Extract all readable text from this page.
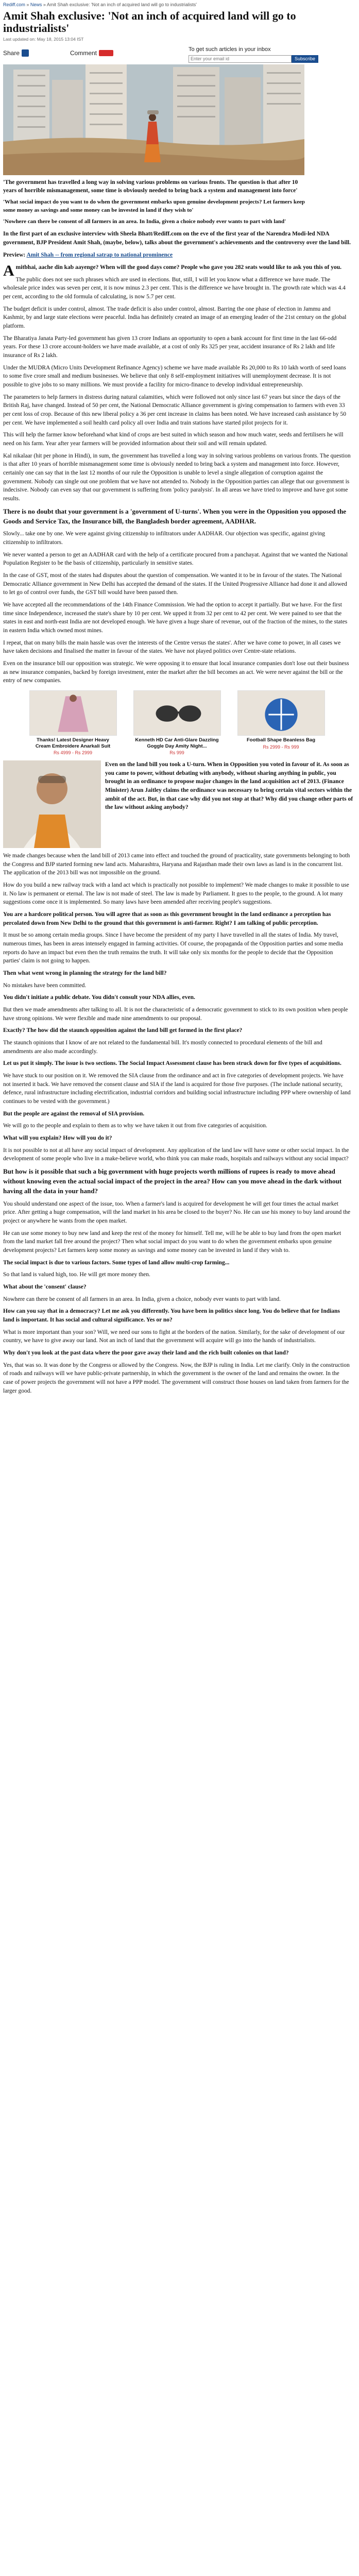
Rediff.com » News » Amit Shah exclusive: 'Not an inch of acquired land will go to industrialists'
Amit Shah exclusive: 'Not an inch of acquired land will go to industrialists'
Last updated on: May 18, 2015 13:04 IST
Share	Comment	To get such articles in your inbox
Enter your email id
Subscribe
'The government has travelled a long way in solving various problems on various fronts. The question is that after 10 years of horrible mismanagement, some time is obviously needed to bring back a system and management into force'
'What social impact do you want to do when the government embarks upon genuine development projects? Let farmers keep some money as savings and some money can be invested in land if they wish to'
'Nowhere can there be consent of all farmers in an area. In India, given a choice nobody ever wants to part with land'

In the first part of an exclusive interview with Sheela Bhatt/Rediff.com on the eve of the first year of the Narendra Modi-led NDA government, BJP President Amit Shah, (maybe, below), talks about the government's achievements and the controversy over the land bill.

Preview: Amit Shah -- from regional satrap to national prominence

Amitbhai, aache din kab aayenge? When will the good days come? People who gave you 282 seats would like to ask you this of you.

The public does not see such phrases which are used in elections. But, still, I will let you know what a difference we have made. The wholesale price index was seven per cent, it is now minus 2.3 per cent. This is the difference we have brought in. The growth rate which was 4.4 per cent, according to the old formula of calculating, is now 5.7 per cent.

The budget deficit is under control, almost. The trade deficit is also under control, almost. Barring the one phase of election in Jammu and Kashmir, by and large state elections were peaceful. India has definitely created an image of an emerging leader of the 21st century on the global platform.

The Bharatiya Janata Party-led government has given 13 crore Indians an opportunity to open a bank account for first time in the last 66-odd years. For these 13 crore account-holders we have made available, at a cost of only Rs 325 per year, accident insurance of Rs 2 lakh and life insurance of Rs 2 lakh.

Under the MUDRA (Micro Units Development Refinance Agency) scheme we have made available Rs 20,000 to Rs 10 lakh worth of seed loans to some five crore small and medium businesses. We believe that only 8 self-employment initiatives will unemployment decrease. It is not possible to give jobs to so many millions. We must provide a facility for micro-finance to develop individual entrepreneurship.

The parameters to help farmers in distress during natural calamities, which were followed not only since last 67 years but since the days of the British Raj, have changed. Instead of 50 per cent, the National Democratic Alliance government is giving compensation to farmers with even 33 per cent loss of crop. Because of this new liberal policy a 36 per cent increase in claims has been noted. We have increased cash assistance by 50 per cent. We have implemented a soil health card policy all over India and train stations have started pilot projects for it.

This will help the farmer know beforehand what kind of crops are best suited in which season and how much water, seeds and fertilisers he will need on his farm. Year after year farmers will be provided information about their soil and will remain updated.

Kal nikalaar (hit per phone in Hindi), in sum, the government has travelled a long way in solving various problems on various fronts. The question is that after 10 years of horrible mismanagement some time is obviously needed to bring back a system and management into force. However, certainly one can say that in the last 12 months of our rule the Opposition is unable to level a single allegation of corruption against the government. Nobody can single out one problem that we have not attended to. Nobody in the Opposition parties can allege that our government is indecisive. Nobody can even say that our government is suffering from 'policy paralysis'. In all areas we have tried to improve and have got some results.

There is no doubt that your government is a 'government of U-turns'. When you were in the Opposition you opposed the Goods and Service Tax, the Insurance bill, the Bangladesh border agreement, AADHAR.

Slowly... take one by one. We were against giving citizenship to infiltrators under AADHAR. Our objection was specific, against giving citizenship to infiltrators.

We never wanted a person to get an AADHAR card with the help of a certificate procured from a panchayat. Against that we wanted the National Population Register to be the basis of citizenship, particularly in sensitive states.

In the case of GST, most of the states had disputes about the question of compensation. We wanted it to be in favour of the states. The National Democratic Alliance government in New Delhi has accepted the demand of the states. If the United Progressive Alliance had done it and allowed to let go of control over funds, the GST bill would have been passed then.

We have accepted all the recommendations of the 14th Finance Commission. We had the option to accept it partially. But we have. For the first time since Independence, increased the state's share by 10 per cent. We upped it from 32 per cent to 42 per cent. We were pained to see that the states in east and north-east India are not developed enough. We have given a huge share of revenue, out of the fraction of the mines, to the states in eastern India which owned most mines.

I repeat, that on many bills the main hassle was over the interests of the Centre versus the states'. After we have come to power, in all cases we have taken decisions and finalised the matter in favour of the states. We have not played politics over Centre-state relations.

Even on the insurance bill our opposition was strategic. We were opposing it to ensure that local insurance companies don't lose out their business as new insurance companies, backed by foreign investment, enter the market after the bill becomes an act. We were never against the bill or the entry of new companies.

Thanks! Latest Designer Heavy Cream Embroidere Anarkali Suit
Rs 4999 - Rs 2999
Kenneth HD Car Anti-Glare Dazzling Goggle Day Amity Night...
Rs 999
Football Shape Beanless Bag
Rs 2999 - Rs 999
Even on the land bill you took a U-turn. When in Opposition you voted in favour of it. As soon as you came to power, without debating with anybody, without sharing anything in public, you brought in an ordinance to propose major changes in the land acquisition act of 2013. (Finance Minister) Arun Jaitley claims the ordinance was necessary to bring certain vital sectors within the ambit of the act. But, in that case why did you not stop at that? Why did you change other parts of the law without asking anybody?

We made changes because when the land bill of 2013 came into effect and touched the ground of practicality, state governments belonging to both the Congress and BJP started forming new land acts. Maharashtra, Haryana and Rajasthan made their own laws as land is in the concurrent list. The application of the 2013 bill was not impossible on the ground.

How do you build a new railway track with a land act which is practically not possible to implement? We made changes to make it possible to use it. No law is permanent or eternal. The law is not made of steel. The law is made by Parliament. It goes to the people, to the ground. A lot many suggestions come once it is implemented. So many laws have been amended after receiving people's suggestions.

You are a hardcore political person. You will agree that as soon as this government brought in the land ordinance a perception has percolated down from New Delhi to the ground that this government is anti-farmer. Right? I am talking of public perception.

It must be so among certain media groups. Since I have become the president of my party I have travelled in all the states of India. My travel, numerous times, has been in areas intensely engaged in farming activities. Of course, the propaganda of the Opposition parties and some media reports do have an impact but even then the truth remains the truth. It will take only six months for the people to decide that the Opposition parties' claim is not going to happen.

Then what went wrong in planning the strategy for the land bill?

No mistakes have been committed.

You didn't initiate a public debate. You didn't consult your NDA allies, even.

But then we made amendments after talking to all. It is not the characteristic of a democratic government to stick to its own position when people have strong opinions. We were flexible and made nine amendments to our proposal.

Exactly? The how did the staunch opposition against the land bill get formed in the first place?

The staunch opinions that I know of are not related to the fundamental bill. It's mostly connected to procedural elements of the bill and amendments are also made accordingly.

Let us put it simply. The issue is two sections. The Social Impact Assessment clause has been struck down for five types of acquisitions.

We have stuck to our position on it. We removed the SIA clause from the ordinance and act in five categories of development projects. We have not inserted it back. We have removed the consent clause and SIA if the land is acquired for those five purposes. (The include national security, defence, rural infrastructure including electrification, industrial corridors and building social infrastructure including PPP where ownership of land continues to be vested with the government.)

But the people are against the removal of SIA provision.

We will go to the people and explain to them as to why we have taken it out from five categories of acquisition.

What will you explain? How will you do it?

It is not possible to not at all have any social impact of development. Any application of the land law will have some or other social impact. In the development of some people who live in a make-believe world, who think you can make roads, hospitals and railways without any social impact?

But how is it possible that such a big government with huge projects worth millions of rupees is ready to move ahead without knowing even the actual social impact of the project in the area? How can you move ahead in the dark without having all the data in your hand?

You should understand one aspect of the issue, too. When a farmer's land is acquired for development he will get four times the actual market price. After getting a huge compensation, will the land market in his area be closed to the buyer? No. He can use his money to buy land around the project or anywhere he wants from the open market.

He can use some money to buy new land and keep the rest of the money for himself. Tell me, will he be able to buy land from the open market from the land market fall free around the project? Then what social impact do you want to do when the government embarks upon genuine development projects? Let farmers keep some money as savings and some money can be invested in land if they wish to.

The social impact is due to various factors. Some types of land allow multi-crop farming...

So that land is valued high, too. He will get more money then.

What about the 'consent' clause?

Nowhere can there be consent of all farmers in an area. In India, given a choice, nobody ever wants to part with land.

How can you say that in a democracy? Let me ask you differently. You have been in politics since long. You do believe that for Indians land is important. It has social and cultural significance. Yes or no?

What is more important than your son? Will, we need our sons to fight at the borders of the nation. Similarly, for the sake of development of our country, we have to give away our land. Not an inch of land that the government will acquire will go into the hands of industrialists.

Why don't you look at the past data where the poor gave away their land and the rich built colonies on that land?

Yes, that was so. It was done by the Congress or allowed by the Congress. Now, the BJP is ruling in India. Let me clarify. Only in the construction of roads and railways will we have public-private partnership, in which the government is the owner of the land and remains the owner. In the case of power projects the government will not have a PPP model. The government will construct those houses on land taken from farmers for the larger good.
